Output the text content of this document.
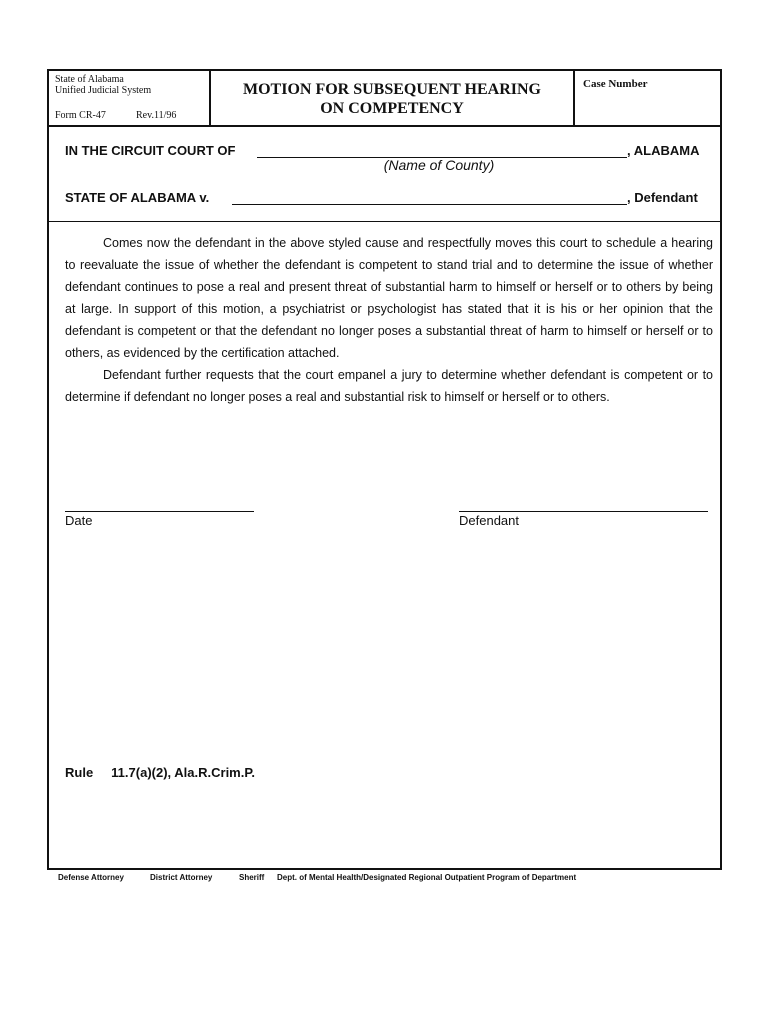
State of Alabama
Unified Judicial System
Form CR-47	Rev.11/96
MOTION FOR SUBSEQUENT HEARING
ON COMPETENCY
Case Number
IN THE CIRCUIT COURT OF	, ALABAMA
(Name of County)
STATE OF ALABAMA v.	, Defendant

Comes now the defendant in the above styled cause and respectfully moves this court to schedule a hearing to reevaluate the issue of whether the defendant is competent to stand trial and to determine the issue of whether defendant continues to pose a real and present threat of substantial harm to himself or herself or to others by being at large. In support of this motion, a psychiatrist or psychologist has stated that it is his or her opinion that the defendant is competent or that the defendant no longer poses a substantial threat of harm to himself or herself or to others, as evidenced by the certification attached.

Defendant further requests that the court empanel a jury to determine whether defendant is competent or to determine if defendant no longer poses a real and substantial risk to himself or herself or to others.

Date	Defendant
Rule 11.7(a)(2), Ala.R.Crim.P.
Defense Attorney	District Attorney	Sheriff Dept. of Mental Health/Designated Regional Outpatient Program of Department
